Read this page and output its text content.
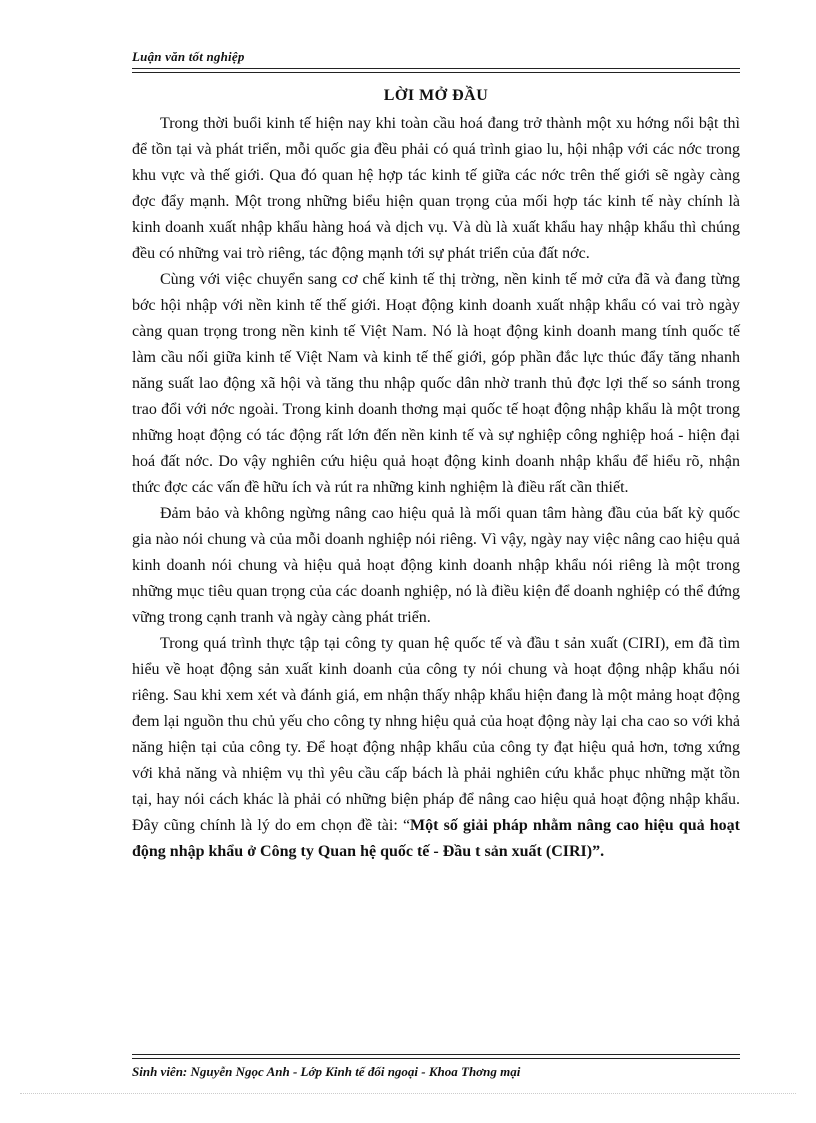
Luận văn tốt nghiệp
LỜI MỞ ĐẦU

Trong thời buổi kinh tế hiện nay khi toàn cầu hoá đang trở thành một xu hớng nổi bật thì để tồn tại và phát triển, mỗi quốc gia đều phải có quá trình giao lu, hội nhập với các nớc trong khu vực và thế giới. Qua đó quan hệ hợp tác kinh tế giữa các nớc trên thế giới sẽ ngày càng đợc đẩy mạnh. Một trong những biểu hiện quan trọng của mối hợp tác kinh tế này chính là kinh doanh xuất nhập khẩu hàng hoá và dịch vụ. Và dù là xuất khẩu hay nhập khẩu thì chúng đều có những vai trò riêng, tác động mạnh tới sự phát triển của đất nớc.

Cùng với việc chuyển sang cơ chế kinh tế thị trờng, nền kinh tế mở cửa đã và đang từng bớc hội nhập với nền kinh tế thế giới. Hoạt động kinh doanh xuất nhập khẩu có vai trò ngày càng quan trọng trong nền kinh tế Việt Nam. Nó là hoạt động kinh doanh mang tính quốc tế làm cầu nối giữa kinh tế Việt Nam và kinh tế thế giới, góp phần đắc lực thúc đẩy tăng nhanh năng suất lao động xã hội và tăng thu nhập quốc dân nhờ tranh thủ đợc lợi thế so sánh trong trao đổi với nớc ngoài. Trong kinh doanh thơng mại quốc tế hoạt động nhập khẩu là một trong những hoạt động có tác động rất lớn đến nền kinh tế và sự nghiệp công nghiệp hoá - hiện đại hoá đất nớc. Do vậy nghiên cứu hiệu quả hoạt động kinh doanh nhập khẩu để hiểu rõ, nhận thức đợc các vấn đề hữu ích và rút ra những kinh nghiệm là điều rất cần thiết.

Đảm bảo và không ngừng nâng cao hiệu quả là mối quan tâm hàng đầu của bất kỳ quốc gia nào nói chung và của mỗi doanh nghiệp nói riêng. Vì vậy, ngày nay việc nâng cao hiệu quả kinh doanh nói chung và hiệu quả hoạt động kinh doanh nhập khẩu nói riêng là một trong những mục tiêu quan trọng của các doanh nghiệp, nó là điều kiện để doanh nghiệp có thể đứng vững trong cạnh tranh và ngày càng phát triển.

Trong quá trình thực tập tại công ty quan hệ quốc tế và đầu t sản xuất (CIRI), em đã tìm hiểu về hoạt động sản xuất kinh doanh của công ty nói chung và hoạt động nhập khẩu nói riêng. Sau khi xem xét và đánh giá, em nhận thấy nhập khẩu hiện đang là một mảng hoạt động đem lại nguồn thu chủ yếu cho công ty nhng hiệu quả của hoạt động này lại cha cao so với khả năng hiện tại của công ty. Để hoạt động nhập khẩu của công ty đạt hiệu quả hơn, tơng xứng với khả năng và nhiệm vụ thì yêu cầu cấp bách là phải nghiên cứu khắc phục những mặt tồn tại, hay nói cách khác là phải có những biện pháp để nâng cao hiệu quả hoạt động nhập khẩu. Đây cũng chính là lý do em chọn đề tài: “Một số giải pháp nhằm nâng cao hiệu quả hoạt động nhập khẩu ở Công ty Quan hệ quốc tế - Đầu t sản xuất (CIRI)”.

Sinh viên: Nguyễn Ngọc Anh - Lớp Kinh tế đối ngoại - Khoa Thơng mại
